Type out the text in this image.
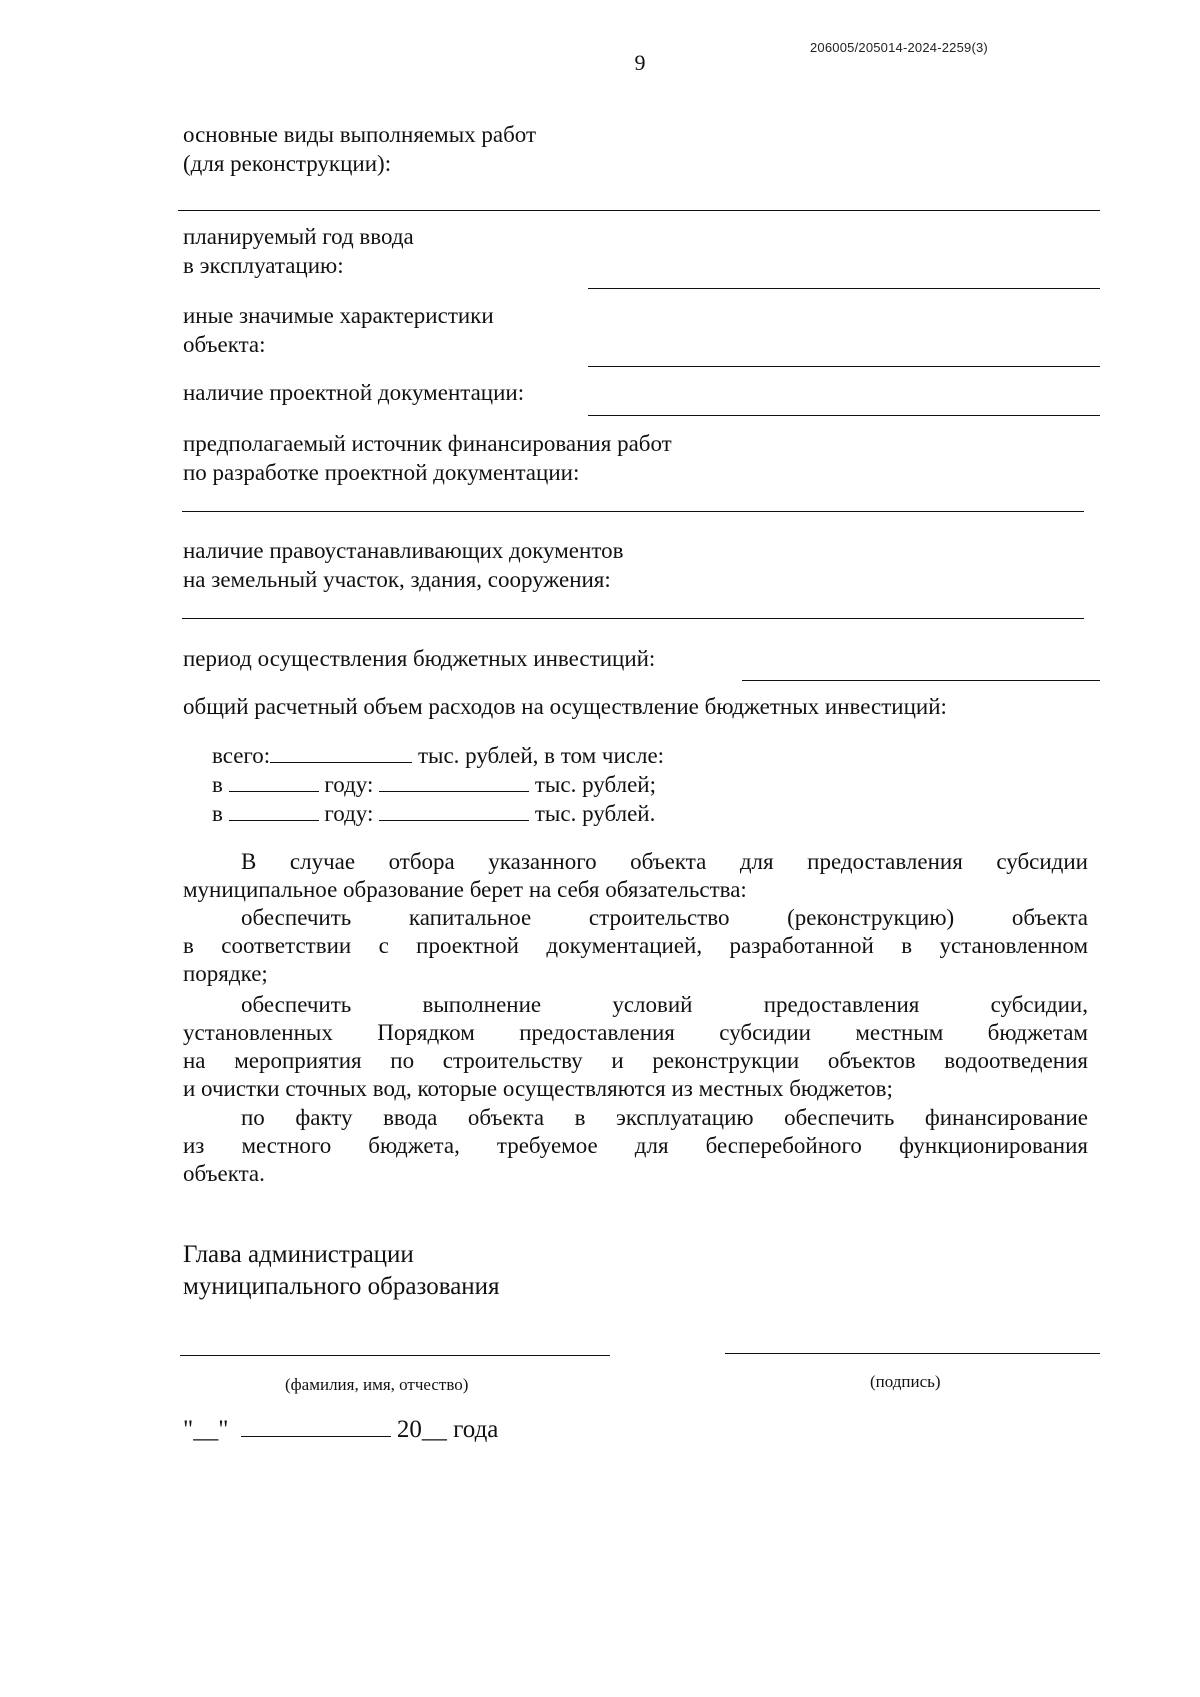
206005/205014-2024-2259(3)
9
основные виды выполняемых работ
(для реконструкции):
планируемый год ввода
в эксплуатацию:
иные значимые характеристики
объекта:
наличие проектной документации:
предполагаемый источник финансирования работ
по разработке проектной документации:
наличие правоустанавливающих документов
на земельный участок, здания, сооружения:
период осуществления бюджетных инвестиций:
общий расчетный объем расходов на осуществление бюджетных инвестиций:
всего:	тыс. рублей, в том числе:
в	году:	тыс. рублей;
в	году:	тыс. рублей.
В случае отбора указанного объекта для предоставления субсидии
муниципальное образование берет на себя обязательства:
обеспечить капитальное строительство (реконструкцию) объекта
в соответствии с проектной документацией, разработанной в установленном
порядке;
обеспечить выполнение условий предоставления субсидии,
установленных Порядком предоставления субсидии местным бюджетам
на мероприятия по строительству и реконструкции объектов водоотведения
и очистки сточных вод, которые осуществляются из местных бюджетов;
по факту ввода объекта в эксплуатацию обеспечить финансирование
из местного бюджета, требуемое для бесперебойного функционирования
объекта.
Глава администрации
муниципального образования
(фамилия, имя, отчество)	(подпись)
"__"	20__ года
